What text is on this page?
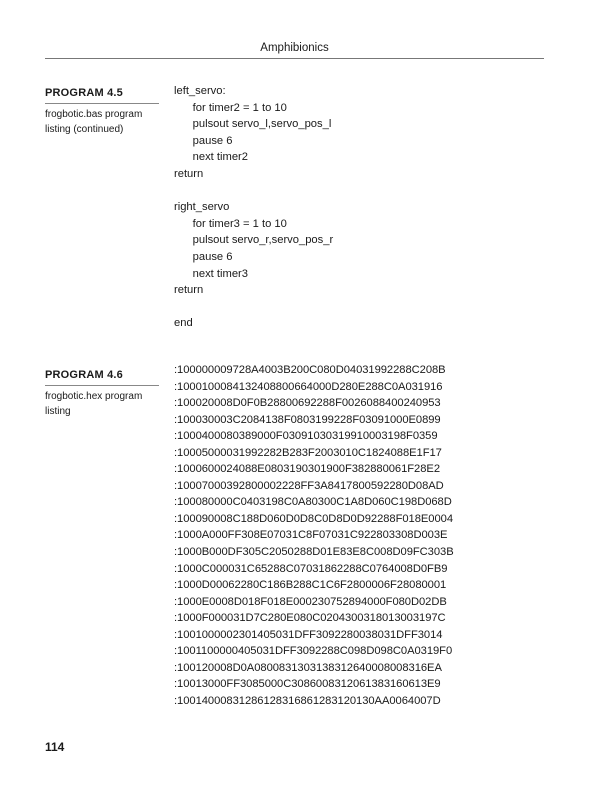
Amphibionics
PROGRAM 4.5
frogbotic.bas program listing (continued)
left_servo:
for timer2 = 1 to 10
pulsout servo_l,servo_pos_l
pause 6
next timer2
return

right_servo
for timer3 = 1 to 10
pulsout servo_r,servo_pos_r
pause 6
next timer3
return

end
PROGRAM 4.6
frogbotic.hex program listing
:100000009728A4003B200C080D04031992288C208B
:1000100084132408800664000D280E288C0A031916
:100020008D0F0B28800692288F0026088400240953
:100030003C2084138F0803199228F03091000E0899
:1000400080389000F03091030319910003198F0359
:10005000031992282B283F2003010C1824088E1F17
:1000600024088E0803190301900F382880061F28E2
:10007000392800002228FF3A8417800592280D08AD
:100080000C0403198C0A80300C1A8D060C198D068D
:100090008C188D060D0D8C0D8D0D92288F018E0004
:1000A000FF308E07031C8F07031C922803308D003E
:1000B000DF305C2050288D01E83E8C008D09FC303B
:1000C000031C65288C07031862288C0764008D0FB9
:1000D00062280C186B288C1C6F2800006F28080001
:1000E0008D018F018E000230752894000F080D02DB
:1000F000031D7C280E080C0204300318013003197C
:1001000002301405031DFF3092280038031DFF3014
:1001100000405031DFF3092288C098D098C0A0319F0
:100120008D0A0800831303138312640008008316EA
:10013000FF3085000C3086008312061383160613E9
:10014000831286128316861283120130AA0064007D
114
